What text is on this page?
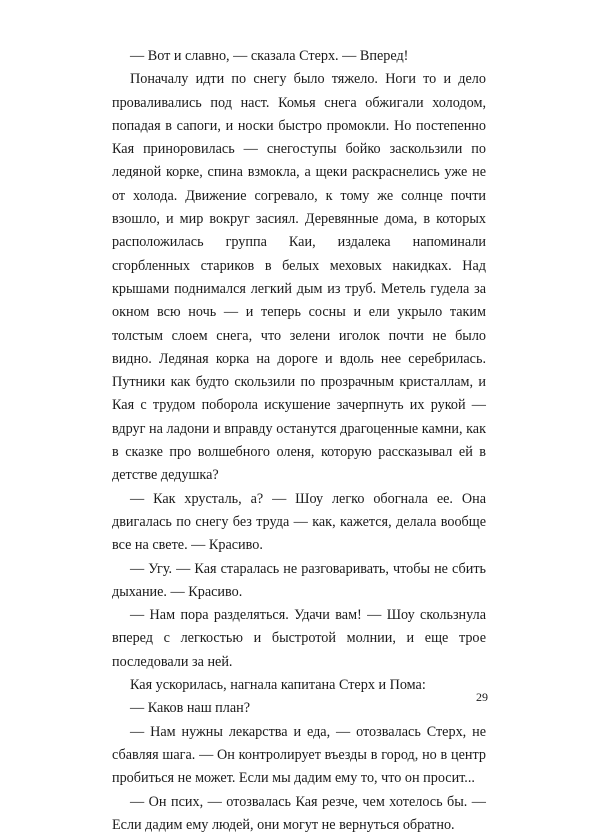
— Вот и славно, — сказала Стерх. — Вперед!

Поначалу идти по снегу было тяжело. Ноги то и дело проваливались под наст. Комья снега обжигали холодом, попадая в сапоги, и носки быстро промокли. Но постепенно Кая приноровилась — снегоступы бойко заскользили по ледяной корке, спина взмокла, а щеки раскраснелись уже не от холода. Движение согревало, к тому же солнце почти взошло, и мир вокруг засиял. Деревянные дома, в которых расположилась группа Каи, издалека напоминали сгорбленных стариков в белых меховых накидках. Над крышами поднимался легкий дым из труб. Метель гудела за окном всю ночь — и теперь сосны и ели укрыло таким толстым слоем снега, что зелени иголок почти не было видно. Ледяная корка на дороге и вдоль нее серебрилась. Путники как будто скользили по прозрачным кристаллам, и Кая с трудом поборола искушение зачерпнуть их рукой — вдруг на ладони и вправду останутся драгоценные камни, как в сказке про волшебного оленя, которую рассказывал ей в детстве дедушка?

— Как хрусталь, а? — Шоу легко обогнала ее. Она двигалась по снегу без труда — как, кажется, делала вообще все на свете. — Красиво.

— Угу. — Кая старалась не разговаривать, чтобы не сбить дыхание. — Красиво.

— Нам пора разделяться. Удачи вам! — Шоу скользнула вперед с легкостью и быстротой молнии, и еще трое последовали за ней.

Кая ускорилась, нагнала капитана Стерх и Пома:

— Каков наш план?

— Нам нужны лекарства и еда, — отозвалась Стерх, не сбавляя шага. — Он контролирует въезды в город, но в центр пробиться не может. Если мы дадим ему то, что он просит...

— Он псих, — отозвалась Кая резче, чем хотелось бы. — Если дадим ему людей, они могут не вернуться обратно.

29
